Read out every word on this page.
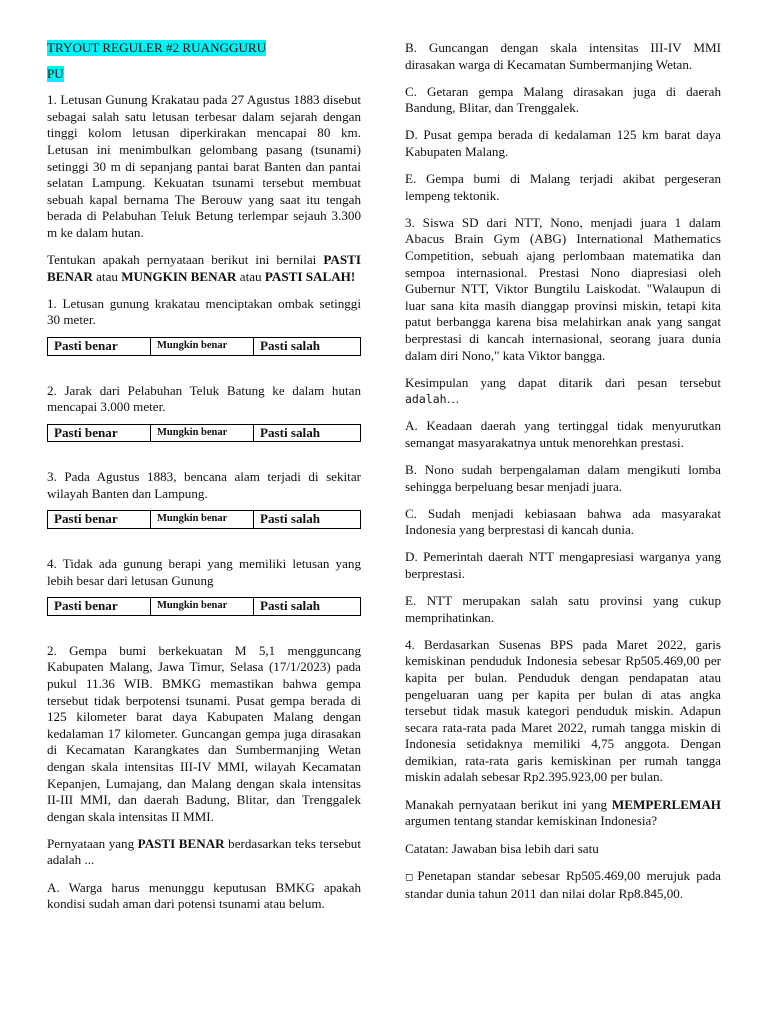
TRYOUT REGULER #2 RUANGGURU

PU

1. Letusan Gunung Krakatau pada 27 Agustus 1883 disebut sebagai salah satu letusan terbesar dalam sejarah dengan tinggi kolom letusan diperkirakan mencapai 80 km. Letusan ini menimbulkan gelombang pasang (tsunami) setinggi 30 m di sepanjang pantai barat Banten dan pantai selatan Lampung. Kekuatan tsunami tersebut membuat sebuah kapal bernama The Berouw yang saat itu tengah berada di Pelabuhan Teluk Betung terlempar sejauh 3.300 m ke dalam hutan.

Tentukan apakah pernyataan berikut ini bernilai PASTI BENAR atau MUNGKIN BENAR atau PASTI SALAH!

1. Letusan gunung krakatau menciptakan ombak setinggi 30 meter.

Pasti benar	Mungkin benar	Pasti salah

2. Jarak dari Pelabuhan Teluk Batung ke dalam hutan mencapai 3.000 meter.

Pasti benar	Mungkin benar	Pasti salah

3. Pada Agustus 1883, bencana alam terjadi di sekitar wilayah Banten dan Lampung.

Pasti benar	Mungkin benar	Pasti salah

4. Tidak ada gunung berapi yang memiliki letusan yang lebih besar dari letusan Gunung

Pasti benar	Mungkin benar	Pasti salah

2. Gempa bumi berkekuatan M 5,1 mengguncang Kabupaten Malang, Jawa Timur, Selasa (17/1/2023) pada pukul 11.36 WIB. BMKG memastikan bahwa gempa tersebut tidak berpotensi tsunami. Pusat gempa berada di 125 kilometer barat daya Kabupaten Malang dengan kedalaman 17 kilometer. Guncangan gempa juga dirasakan di Kecamatan Karangkates dan Sumbermanjing Wetan dengan skala intensitas III-IV MMI, wilayah Kecamatan Kepanjen, Lumajang, dan Malang dengan skala intensitas II-III MMI, dan daerah Badung, Blitar, dan Trenggalek dengan skala intensitas II MMI.

Pernyataan yang PASTI BENAR berdasarkan teks tersebut adalah ...

A. Warga harus menunggu keputusan BMKG apakah kondisi sudah aman dari potensi tsunami atau belum.

B. Guncangan dengan skala intensitas III-IV MMI dirasakan warga di Kecamatan Sumbermanjing Wetan.

C. Getaran gempa Malang dirasakan juga di daerah Bandung, Blitar, dan Trenggalek.

D. Pusat gempa berada di kedalaman 125 km barat daya Kabupaten Malang.

E. Gempa bumi di Malang terjadi akibat pergeseran lempeng tektonik.

3. Siswa SD dari NTT, Nono, menjadi juara 1 dalam Abacus Brain Gym (ABG) International Mathematics Competition, sebuah ajang perlombaan matematika dan sempoa internasional. Prestasi Nono diapresiasi oleh Gubernur NTT, Viktor Bungtilu Laiskodat. "Walaupun di luar sana kita masih dianggap provinsi miskin, tetapi kita patut berbangga karena bisa melahirkan anak yang sangat berprestasi di kancah internasional, seorang juara dunia dalam diri Nono," kata Viktor bangga.

Kesimpulan yang dapat ditarik dari pesan tersebut adalah…

A. Keadaan daerah yang tertinggal tidak menyurutkan semangat masyarakatnya untuk menorehkan prestasi.

B. Nono sudah berpengalaman dalam mengikuti lomba sehingga berpeluang besar menjadi juara.

C. Sudah menjadi kebiasaan bahwa ada masyarakat Indonesia yang berprestasi di kancah dunia.

D. Pemerintah daerah NTT mengapresiasi warganya yang berprestasi.

E. NTT merupakan salah satu provinsi yang cukup memprihatinkan.

4. Berdasarkan Susenas BPS pada Maret 2022, garis kemiskinan penduduk Indonesia sebesar Rp505.469,00 per kapita per bulan. Penduduk dengan pendapatan atau pengeluaran uang per kapita per bulan di atas angka tersebut tidak masuk kategori penduduk miskin. Adapun secara rata-rata pada Maret 2022, rumah tangga miskin di Indonesia setidaknya memiliki 4,75 anggota. Dengan demikian, rata-rata garis kemiskinan per rumah tangga miskin adalah sebesar Rp2.395.923,00 per bulan.

Manakah pernyataan berikut ini yang MEMPERLEMAH argumen tentang standar kemiskinan Indonesia?

Catatan: Jawaban bisa lebih dari satu

◻ Penetapan standar sebesar Rp505.469,00 merujuk pada standar dunia tahun 2011 dan nilai dolar Rp8.845,00.
